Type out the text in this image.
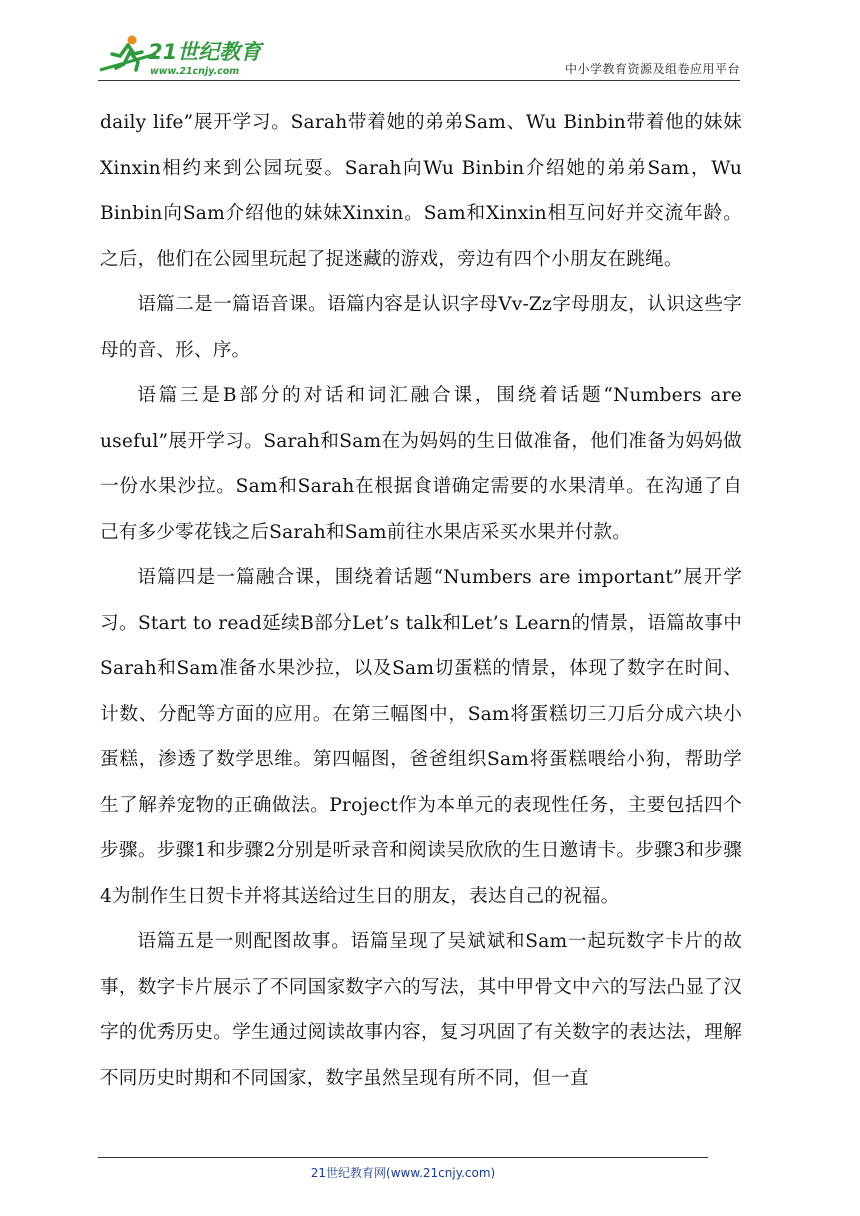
21世纪教育
www.21cnjy.com	中小学教育资源及组卷应用平台

daily life”展开学习。Sarah带着她的弟弟Sam、Wu Binbin带着他的妹妹Xinxin相约来到公园玩耍。Sarah向Wu Binbin介绍她的弟弟Sam，Wu Binbin向Sam介绍他的妹妹Xinxin。Sam和Xinxin相互问好并交流年龄。之后，他们在公园里玩起了捉迷藏的游戏，旁边有四个小朋友在跳绳。

语篇二是一篇语音课。语篇内容是认识字母Vv-Zz字母朋友，认识这些字母的音、形、序。

语篇三是B部分的对话和词汇融合课，围绕着话题“Numbers are useful”展开学习。Sarah和Sam在为妈妈的生日做准备，他们准备为妈妈做一份水果沙拉。Sam和Sarah在根据食谱确定需要的水果清单。在沟通了自己有多少零花钱之后Sarah和Sam前往水果店采买水果并付款。

语篇四是一篇融合课，围绕着话题“Numbers are important”展开学习。Start to read延续B部分Let’s talk和Let’s Learn的情景，语篇故事中Sarah和Sam准备水果沙拉，以及Sam切蛋糕的情景，体现了数字在时间、计数、分配等方面的应用。在第三幅图中，Sam将蛋糕切三刀后分成六块小蛋糕，渗透了数学思维。第四幅图，爸爸组织Sam将蛋糕喂给小狗，帮助学生了解养宠物的正确做法。Project作为本单元的表现性任务，主要包括四个步骤。步骤1和步骤2分别是听录音和阅读吴欣欣的生日邀请卡。步骤3和步骤4为制作生日贺卡并将其送给过生日的朋友，表达自己的祝福。

语篇五是一则配图故事。语篇呈现了吴斌斌和Sam一起玩数字卡片的故事，数字卡片展示了不同国家数字六的写法，其中甲骨文中六的写法凸显了汉字的优秀历史。学生通过阅读故事内容，复习巩固了有关数字的表达法，理解不同历史时期和不同国家，数字虽然呈现有所不同，但一直

21世纪教育网(www.21cnjy.com)
